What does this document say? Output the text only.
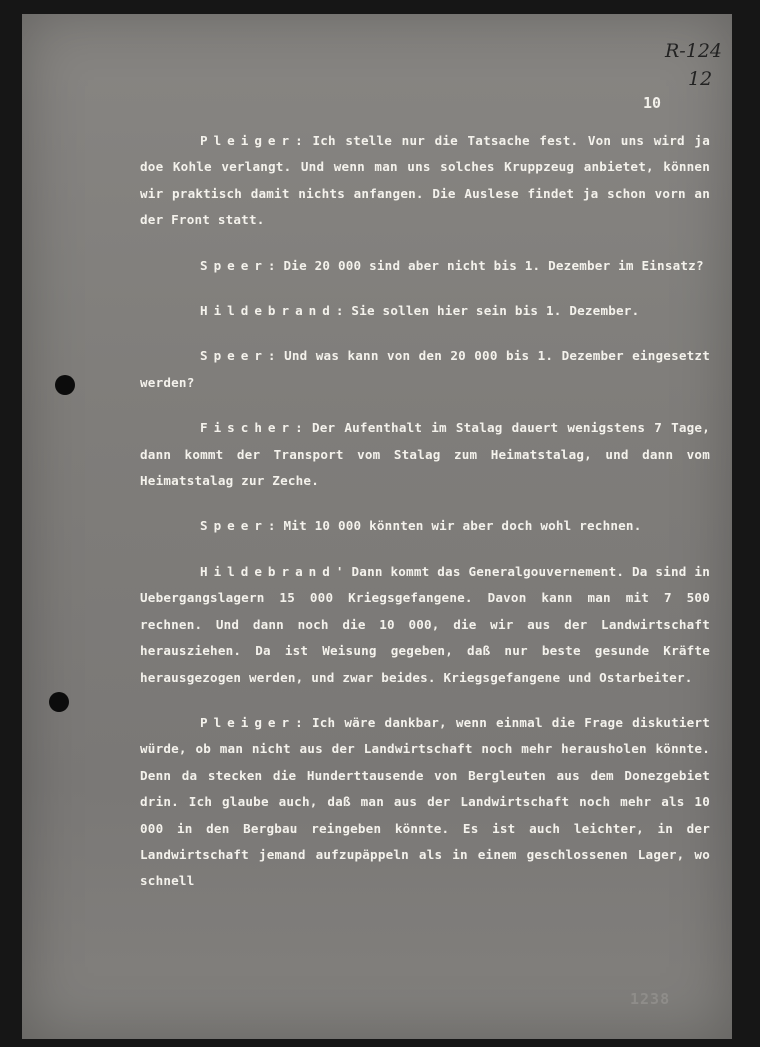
R-124
12
10

Pleiger: Ich stelle nur die Tatsache fest. Von uns wird ja doe Kohle verlangt. Und wenn man uns solches Kruppzeug anbietet, können wir praktisch damit nichts anfangen. Die Auslese findet ja schon vorn an der Front statt.

Speer: Die 20 000 sind aber nicht bis 1. Dezember im Einsatz?

Hildebrand: Sie sollen hier sein bis 1. Dezember.

Speer: Und was kann von den 20 000 bis 1. Dezember eingesetzt werden?

Fischer: Der Aufenthalt im Stalag dauert wenigstens 7 Tage, dann kommt der Transport vom Stalag zum Heimatstalag, und dann vom Heimatstalag zur Zeche.

Speer: Mit 10 000 könnten wir aber doch wohl rechnen.

Hildebrand' Dann kommt das Generalgouvernement. Da sind in Uebergangslagern 15 000 Kriegsgefangene. Davon kann man mit 7 500 rechnen. Und dann noch die 10 000, die wir aus der Landwirtschaft herausziehen. Da ist Weisung gegeben, daß nur beste gesunde Kräfte herausgezogen werden, und zwar beides. Kriegsgefangene und Ostarbeiter.

Pleiger: Ich wäre dankbar, wenn einmal die Frage diskutiert würde, ob man nicht aus der Landwirtschaft noch mehr herausholen könnte. Denn da stecken die Hunderttausende von Bergleuten aus dem Donezgebiet drin. Ich glaube auch, daß man aus der Landwirtschaft noch mehr als 10 000 in den Bergbau reingeben könnte. Es ist auch leichter, in der Landwirtschaft jemand aufzupäppeln als in einem geschlossenen Lager, wo schnell

1238
